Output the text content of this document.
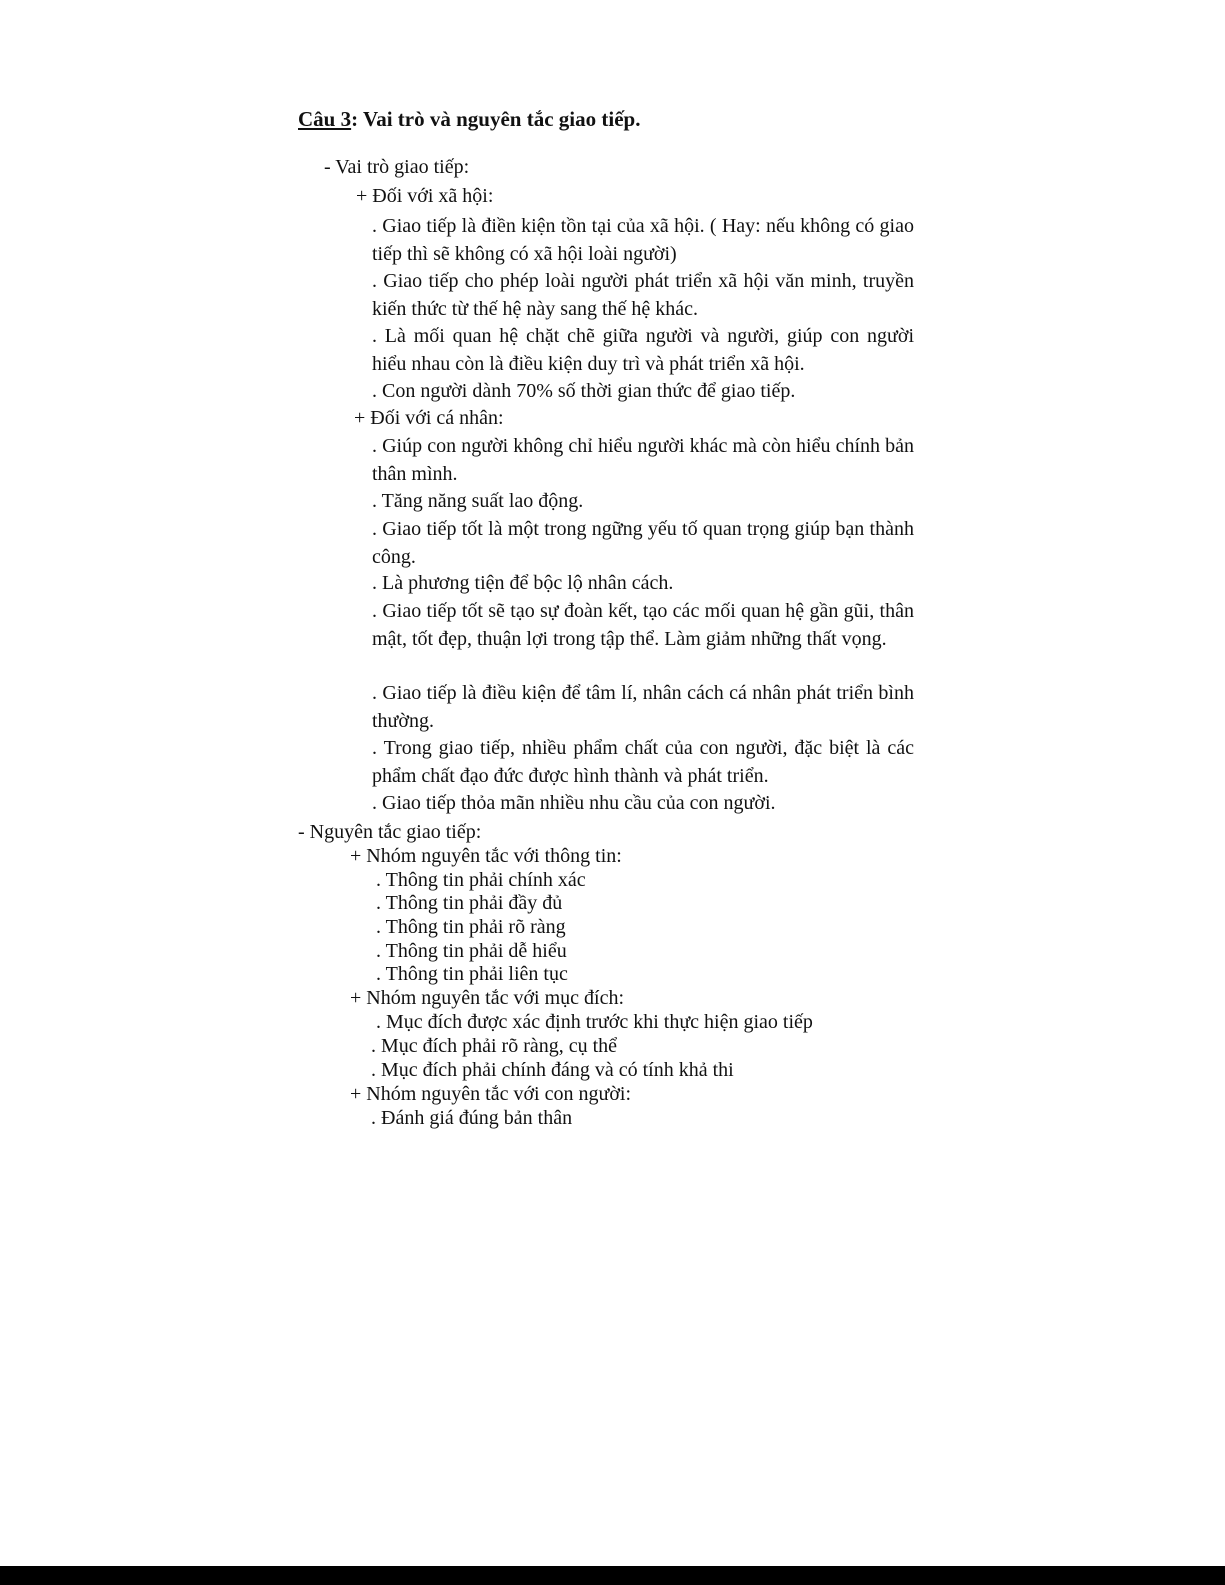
Câu 3: Vai trò và nguyên tắc giao tiếp.
- Vai trò giao tiếp:
+ Đối với xã hội:
. Giao tiếp là điền kiện tồn tại của xã hội. ( Hay: nếu không có giao tiếp thì sẽ không có xã hội loài người)
. Giao tiếp cho phép loài người phát triển xã hội văn minh, truyền kiến thức từ thế hệ này sang thế hệ khác.
. Là mối quan hệ chặt chẽ giữa người và người, giúp con người hiểu nhau còn là điều kiện duy trì và phát triển xã hội.
. Con người dành 70% số thời gian thức để giao tiếp.
+ Đối với cá nhân:
. Giúp con người không chỉ hiểu người khác mà còn hiểu chính bản thân mình.
. Tăng năng suất lao động.
. Giao tiếp tốt là một trong ngững yếu tố quan trọng giúp bạn thành công.
. Là phương tiện để bộc lộ nhân cách.
. Giao tiếp tốt sẽ tạo sự đoàn kết, tạo các mối quan hệ gần gũi, thân mật, tốt đẹp, thuận lợi trong tập thể. Làm giảm những thất vọng.
. Giao tiếp là điều kiện để tâm lí, nhân cách cá nhân phát triển bình thường.
. Trong giao tiếp, nhiều phẩm chất của con người, đặc biệt là các phẩm chất đạo đức được hình thành và phát triển.
. Giao tiếp thỏa mãn nhiều nhu cầu của con người.
- Nguyên tắc giao tiếp:
+ Nhóm nguyên tắc với thông tin:
. Thông tin phải chính xác
. Thông tin phải đầy đủ
. Thông tin phải rõ ràng
. Thông tin phải dễ hiểu
. Thông tin phải liên tục
+ Nhóm nguyên tắc với mục đích:
. Mục đích được xác định trước khi thực hiện giao tiếp
. Mục đích phải rõ ràng, cụ thể
. Mục đích phải chính đáng và có tính khả thi
+ Nhóm nguyên tắc với con người:
. Đánh giá đúng bản thân
